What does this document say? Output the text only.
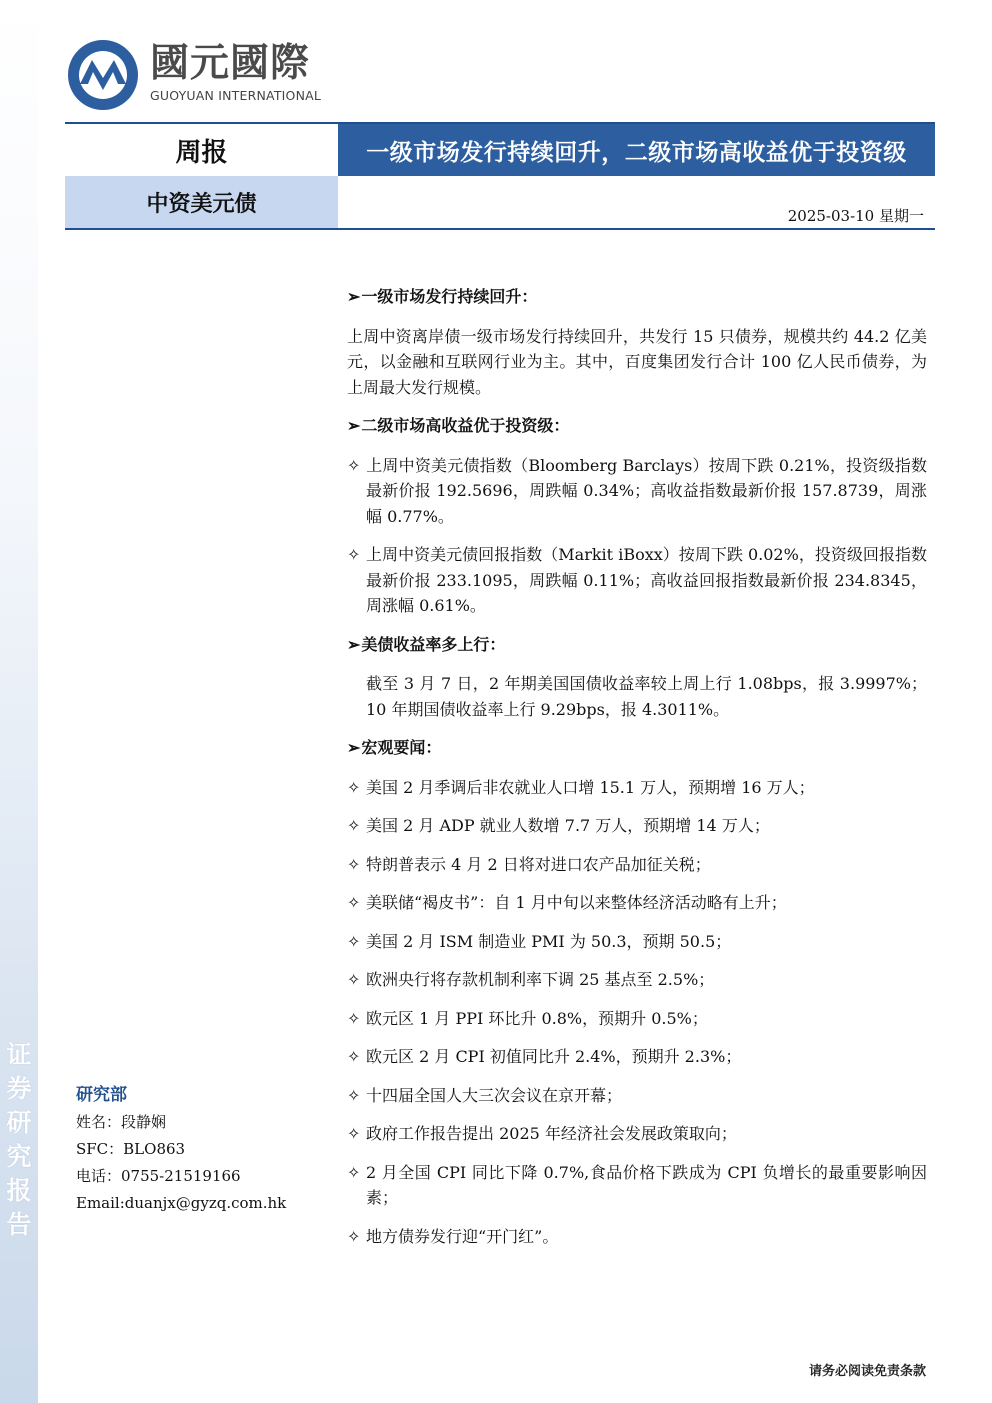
证
券
研
究
报
告
國元國際
GUOYUAN INTERNATIONAL
周报	一级市场发行持续回升，二级市场高收益优于投资级
中资美元债	2025-03-10 星期一
➢一级市场发行持续回升：
上周中资离岸债一级市场发行持续回升，共发行 15 只债券，规模共约 44.2 亿美元，以金融和互联网行业为主。其中，百度集团发行合计 100 亿人民币债券，为上周最大发行规模。
➢二级市场高收益优于投资级：
✧ 上周中资美元债指数（Bloomberg Barclays）按周下跌 0.21%，投资级指数最新价报 192.5696，周跌幅 0.34%；高收益指数最新价报 157.8739，周涨幅 0.77%。
✧ 上周中资美元债回报指数（Markit iBoxx）按周下跌 0.02%，投资级回报指数最新价报 233.1095，周跌幅 0.11%；高收益回报指数最新价报 234.8345，周涨幅 0.61%。
➢美债收益率多上行：
截至 3 月 7 日，2 年期美国国债收益率较上周上行 1.08bps，报 3.9997%；10 年期国债收益率上行 9.29bps，报 4.3011%。
➢宏观要闻：
✧ 美国 2 月季调后非农就业人口增 15.1 万人，预期增 16 万人；
✧ 美国 2 月 ADP 就业人数增 7.7 万人，预期增 14 万人；
✧ 特朗普表示 4 月 2 日将对进口农产品加征关税；
✧ 美联储“褐皮书”：自 1 月中旬以来整体经济活动略有上升；
✧ 美国 2 月 ISM 制造业 PMI 为 50.3，预期 50.5；
✧ 欧洲央行将存款机制利率下调 25 基点至 2.5%；
✧ 欧元区 1 月 PPI 环比升 0.8%，预期升 0.5%；
✧ 欧元区 2 月 CPI 初值同比升 2.4%，预期升 2.3%；
✧ 十四届全国人大三次会议在京开幕；
✧ 政府工作报告提出 2025 年经济社会发展政策取向；
✧ 2 月全国 CPI 同比下降 0.7%,食品价格下跌成为 CPI 负增长的最重要影响因素；
✧ 地方债券发行迎“开门红”。
研究部
姓名：段静娴
SFC：BLO863
电话：0755-21519166
Email:duanjx@gyzq.com.hk
请务必阅读免责条款
